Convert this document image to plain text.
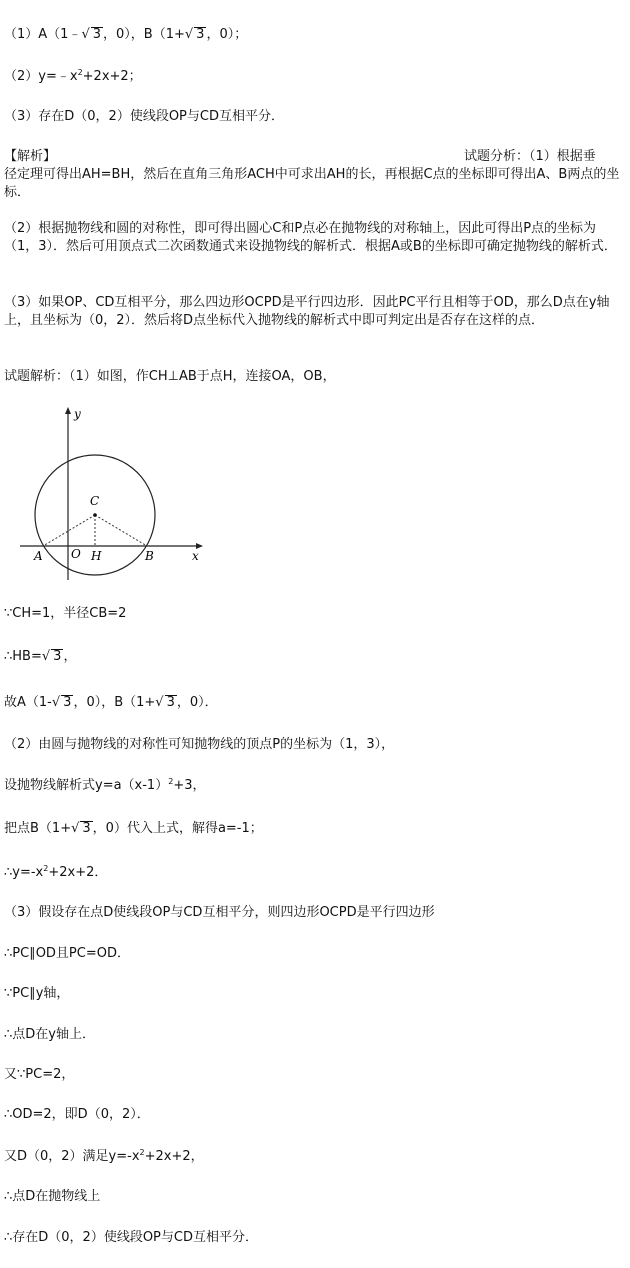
（1）A（1﹣√ 3 ，0），B（1+√ 3 ，0）；
$(2)y=﹣x^2+2x+2$；
（3）存在D（0，2）使线段OP与CD互相平分．
【解析】	试题分析：（1）根据垂
径定理可得出AH=BH，然后在直角三角形ACH中可求出AH的长，再根据C点的坐标即可得出A、B两点的坐标．
（2）根据抛物线和圆的对称性，即可得出圆心C和P点必在抛物线的对称轴上，因此可得出P点的坐标为（1，3）．然后可用顶点式二次函数通式来设抛物线的解析式．根据A或B的坐标即可确定抛物线的解析式．
（3）如果OP、CD互相平分，那么四边形OCPD是平行四边形．因此PC平行且相等于OD，那么D点在y轴上，且坐标为（0，2）．然后将D点坐标代入抛物线的解析式中即可判定出是否存在这样的点．
试题解析：（1）如图，作CH⊥AB于点H，连接OA，OB，
y
x
C
A O H	B
∵CH=1，半径CB=2
∴HB=√ 3 ，
故A（1-√ 3 ，0），B（1+√ 3 ，0）．
（2）由圆与抛物线的对称性可知抛物线的顶点P的坐标为（1，3），
设抛物线解析式$y=a(x-1)^2+3$，
把点B（1+√ 3 ，0）代入上式，解得a=-1；
$\therefore y=-x^2+2x+2$．
（3）假设存在点D使线段OP与CD互相平分，则四边形OCPD是平行四边形
∴PC∥OD且PC=OD．
∵PC∥y轴，
∴点D在y轴上．
又∵PC=2，
∴OD=2，即D（0，2）．
又D（0，2）满足$y=-x^2+2x+2$，
∴点D在抛物线上
∴存在D（0，2）使线段OP与CD互相平分．
